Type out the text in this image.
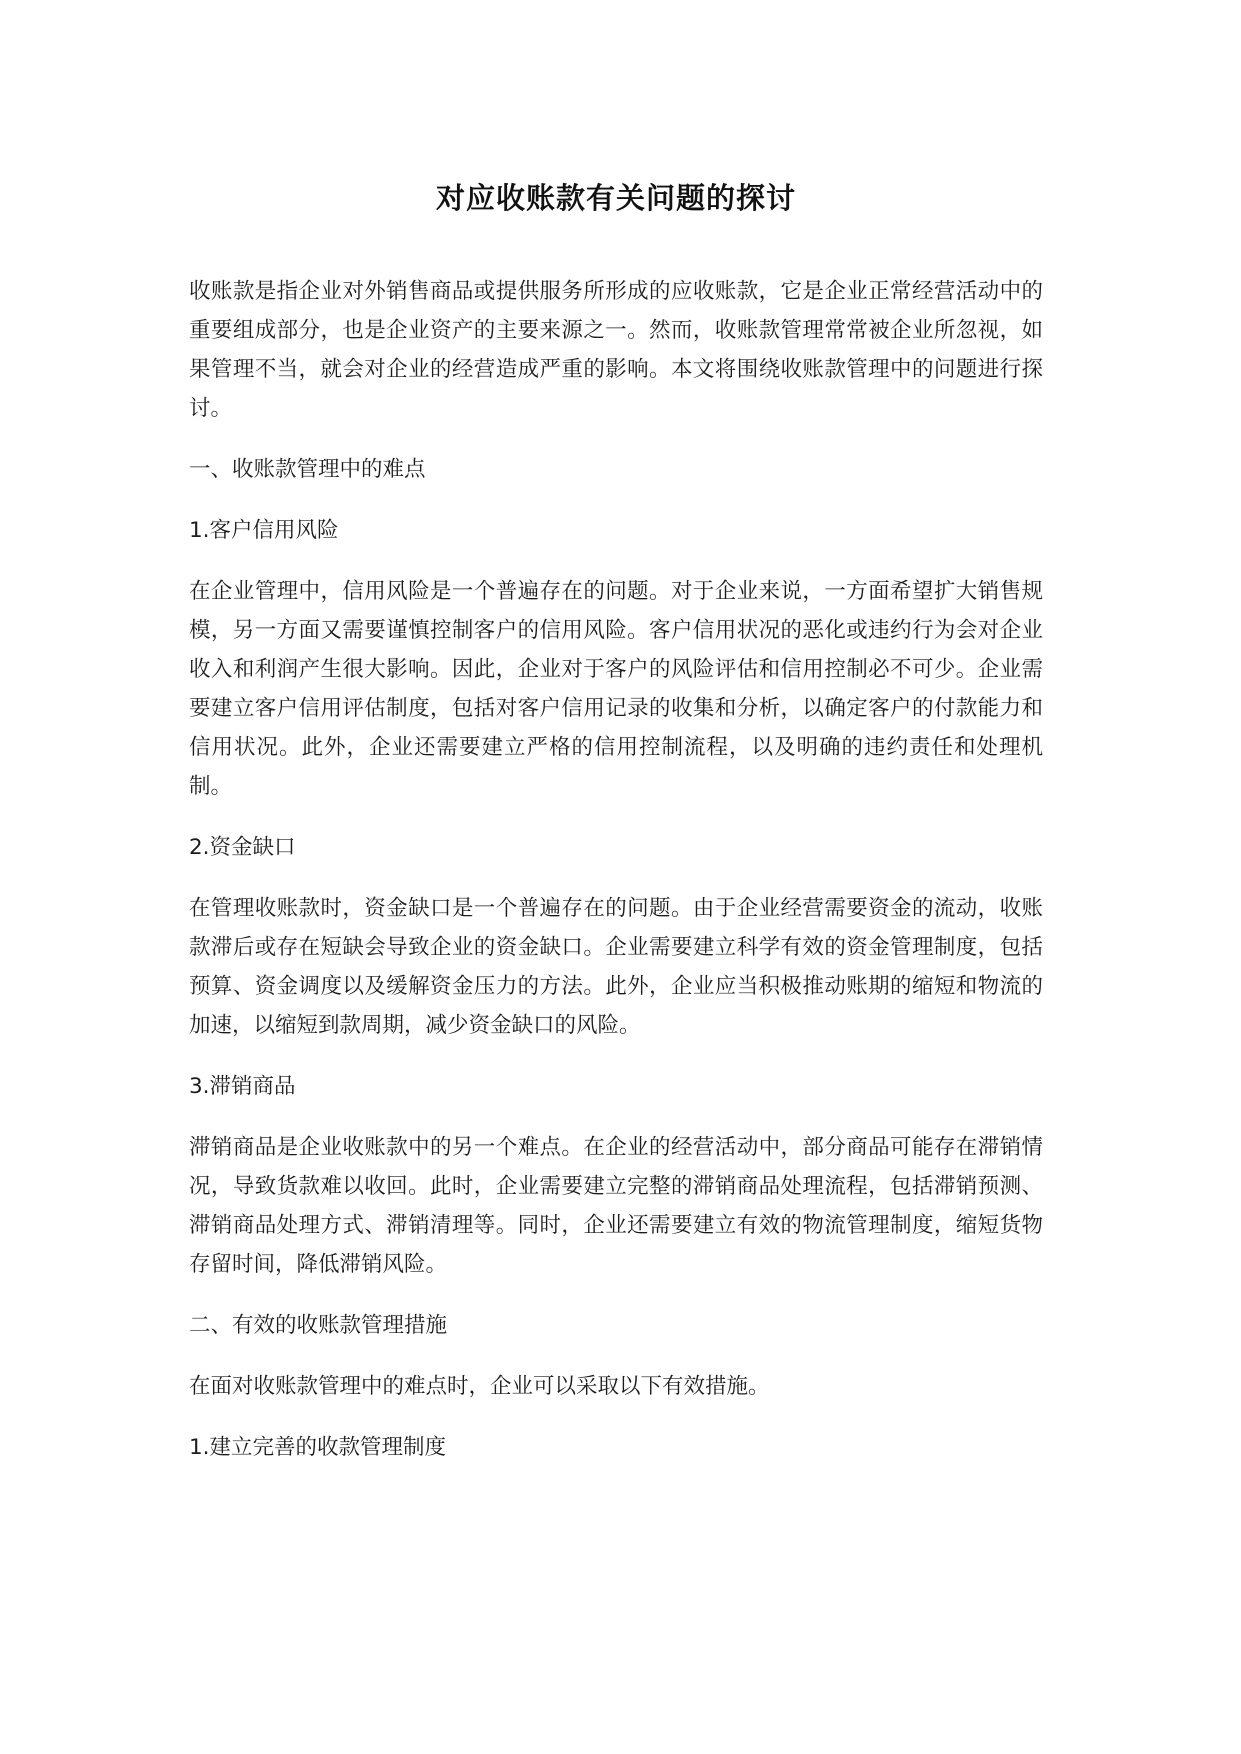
对应收账款有关问题的探讨

收账款是指企业对外销售商品或提供服务所形成的应收账款，它是企业正常经营活动中的重要组成部分，也是企业资产的主要来源之一。然而，收账款管理常常被企业所忽视，如果管理不当，就会对企业的经营造成严重的影响。本文将围绕收账款管理中的问题进行探讨。

一、收账款管理中的难点

1.客户信用风险

在企业管理中，信用风险是一个普遍存在的问题。对于企业来说，一方面希望扩大销售规模，另一方面又需要谨慎控制客户的信用风险。客户信用状况的恶化或违约行为会对企业收入和利润产生很大影响。因此，企业对于客户的风险评估和信用控制必不可少。企业需要建立客户信用评估制度，包括对客户信用记录的收集和分析，以确定客户的付款能力和信用状况。此外，企业还需要建立严格的信用控制流程，以及明确的违约责任和处理机制。

2.资金缺口

在管理收账款时，资金缺口是一个普遍存在的问题。由于企业经营需要资金的流动，收账款滞后或存在短缺会导致企业的资金缺口。企业需要建立科学有效的资金管理制度，包括预算、资金调度以及缓解资金压力的方法。此外，企业应当积极推动账期的缩短和物流的加速，以缩短到款周期，减少资金缺口的风险。

3.滞销商品

滞销商品是企业收账款中的另一个难点。在企业的经营活动中，部分商品可能存在滞销情况，导致货款难以收回。此时，企业需要建立完整的滞销商品处理流程，包括滞销预测、滞销商品处理方式、滞销清理等。同时，企业还需要建立有效的物流管理制度，缩短货物存留时间，降低滞销风险。

二、有效的收账款管理措施

在面对收账款管理中的难点时，企业可以采取以下有效措施。

1.建立完善的收款管理制度
